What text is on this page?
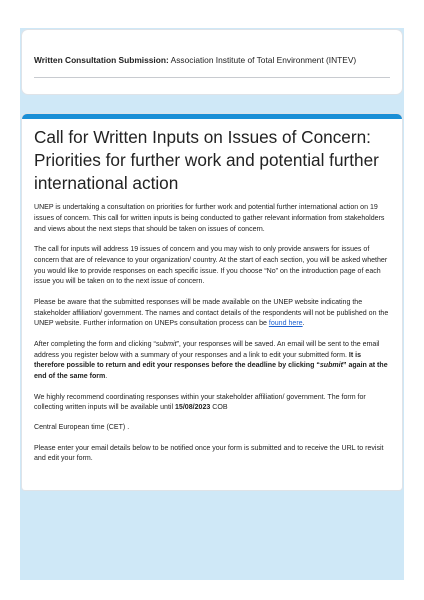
Written Consultation Submission: Association Institute of Total Environment (INTEV)
Call for Written Inputs on Issues of Concern:
Priorities for further work and potential further
international action

UNEP is undertaking a consultation on priorities for further work and potential further international action on 19 issues of concern. This call for written inputs is being conducted to gather relevant information from stakeholders and views about the next steps that should be taken on issues of concern.

The call for inputs will address 19 issues of concern and you may wish to only provide answers for issues of concern that are of relevance to your organization/ country. At the start of each section, you will be asked whether you would like to provide responses on each specific issue. If you choose “No” on the introduction page of each issue you will be taken on to the next issue of concern.

Please be aware that the submitted responses will be made available on the UNEP website indicating the stakeholder affiliation/ government. The names and contact details of the respondents will not be published on the UNEP website. Further information on UNEPs consultation process can be found here.

After completing the form and clicking “submit”, your responses will be saved. An email will be sent to the email address you register below with a summary of your responses and a link to edit your submitted form. It is therefore possible to return and edit your responses before the deadline by clicking “submit” again at the end of the same form.

We highly recommend coordinating responses within your stakeholder affiliation/ government. The form for collecting written inputs will be available until 15/08/2023 COB

Central European time (CET) .

Please enter your email details below to be notified once your form is submitted and to receive the URL to revisit and edit your form.
